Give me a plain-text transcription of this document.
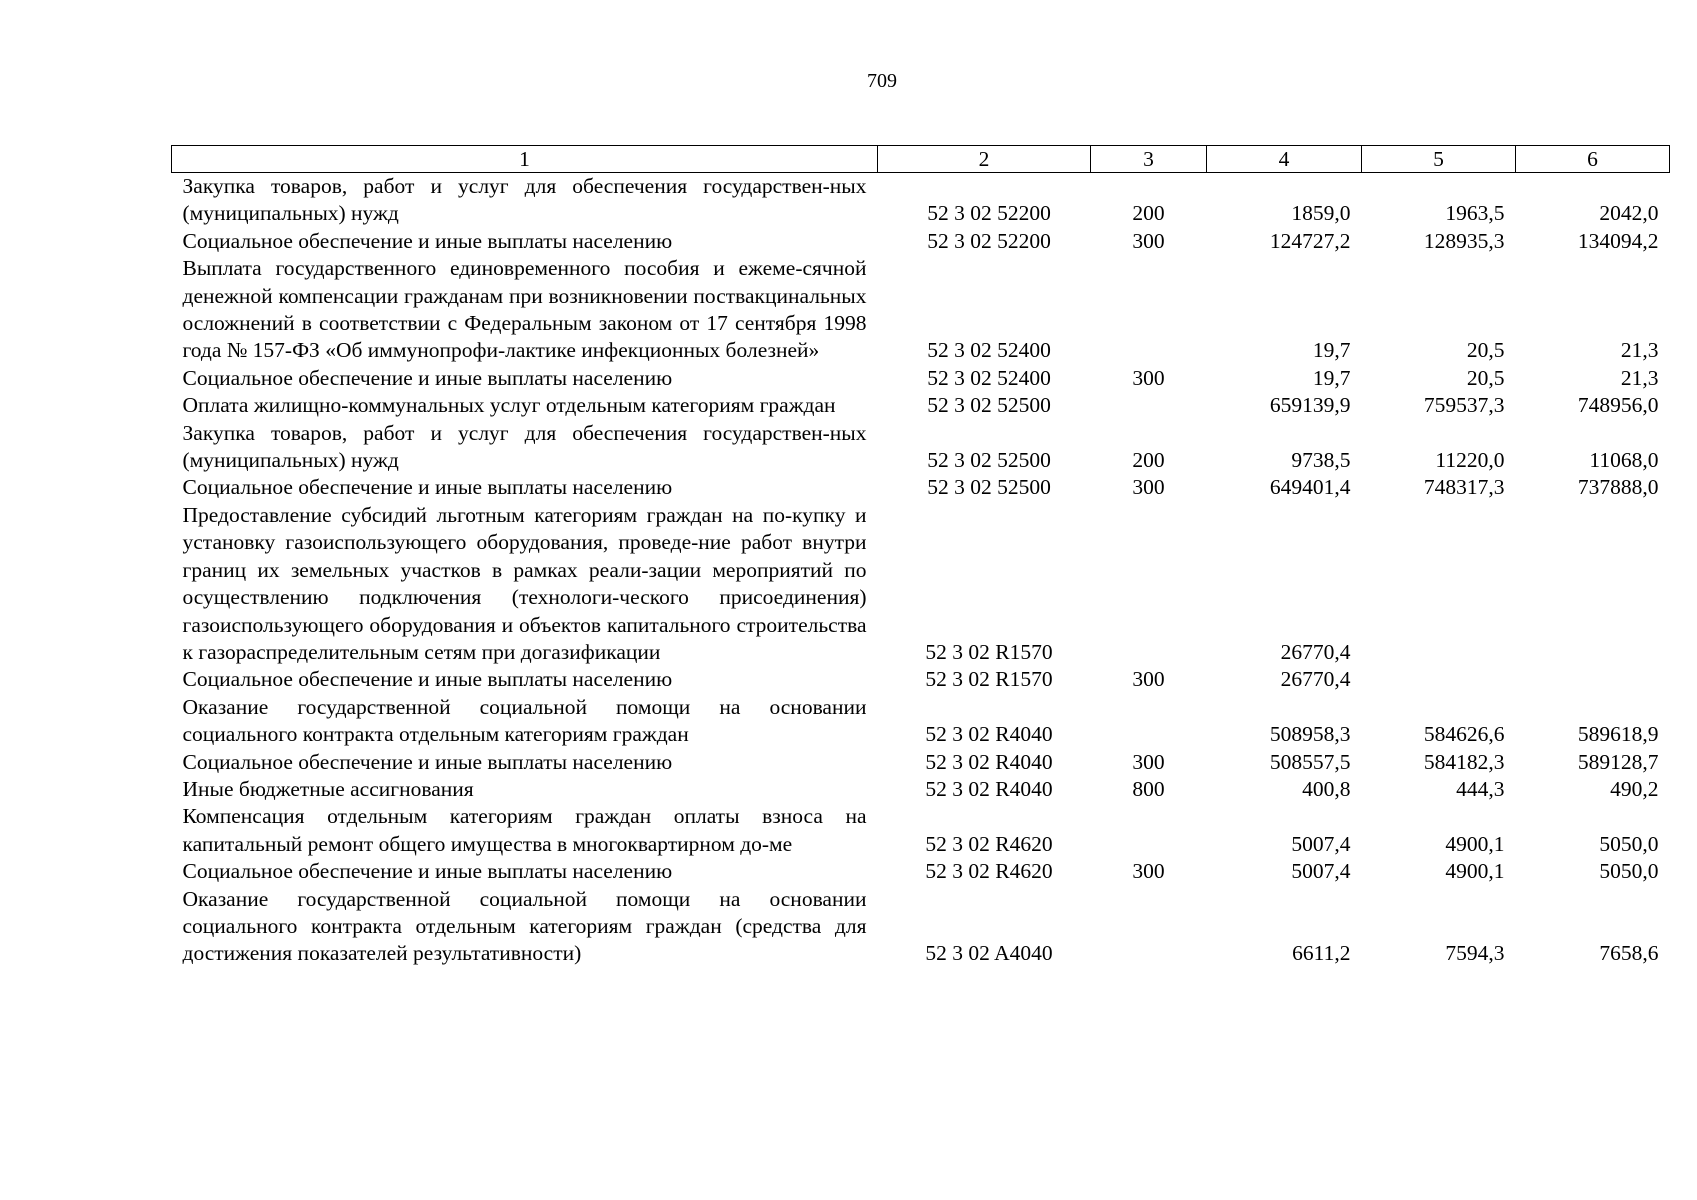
709
1	2	3	4	5	6
Закупка товаров, работ и услуг для обеспечения государствен-ных (муниципальных) нужд	52 3 02 52200	200	1859,0	1963,5	2042,0
Социальное обеспечение и иные выплаты населению	52 3 02 52200	300	124727,2	128935,3	134094,2
Выплата государственного единовременного пособия и ежеме-сячной денежной компенсации гражданам при возникновении поствакцинальных осложнений в соответствии с Федеральным законом от 17 сентября 1998 года № 157-ФЗ «Об иммунопрофи-лактике инфекционных болезней»	52 3 02 52400		19,7	20,5	21,3
Социальное обеспечение и иные выплаты населению	52 3 02 52400	300	19,7	20,5	21,3
Оплата жилищно-коммунальных услуг отдельным категориям граждан	52 3 02 52500		659139,9	759537,3	748956,0
Закупка товаров, работ и услуг для обеспечения государствен-ных (муниципальных) нужд	52 3 02 52500	200	9738,5	11220,0	11068,0
Социальное обеспечение и иные выплаты населению	52 3 02 52500	300	649401,4	748317,3	737888,0
Предоставление субсидий льготным категориям граждан на по-купку и установку газоиспользующего оборудования, проведе-ние работ внутри границ их земельных участков в рамках реали-зации мероприятий по осуществлению подключения (технологи-ческого присоединения) газоиспользующего оборудования и объектов капитального строительства к газораспределительным сетям при догазификации	52 3 02 R1570		26770,4		
Социальное обеспечение и иные выплаты населению	52 3 02 R1570	300	26770,4		
Оказание государственной социальной помощи на основании социального контракта отдельным категориям граждан	52 3 02 R4040		508958,3	584626,6	589618,9
Социальное обеспечение и иные выплаты населению	52 3 02 R4040	300	508557,5	584182,3	589128,7
Иные бюджетные ассигнования	52 3 02 R4040	800	400,8	444,3	490,2
Компенсация отдельным категориям граждан оплаты взноса на капитальный ремонт общего имущества в многоквартирном до-ме	52 3 02 R4620		5007,4	4900,1	5050,0
Социальное обеспечение и иные выплаты населению	52 3 02 R4620	300	5007,4	4900,1	5050,0
Оказание государственной социальной помощи на основании социального контракта отдельным категориям граждан (средства для достижения показателей результативности)	52 3 02 A4040		6611,2	7594,3	7658,6
